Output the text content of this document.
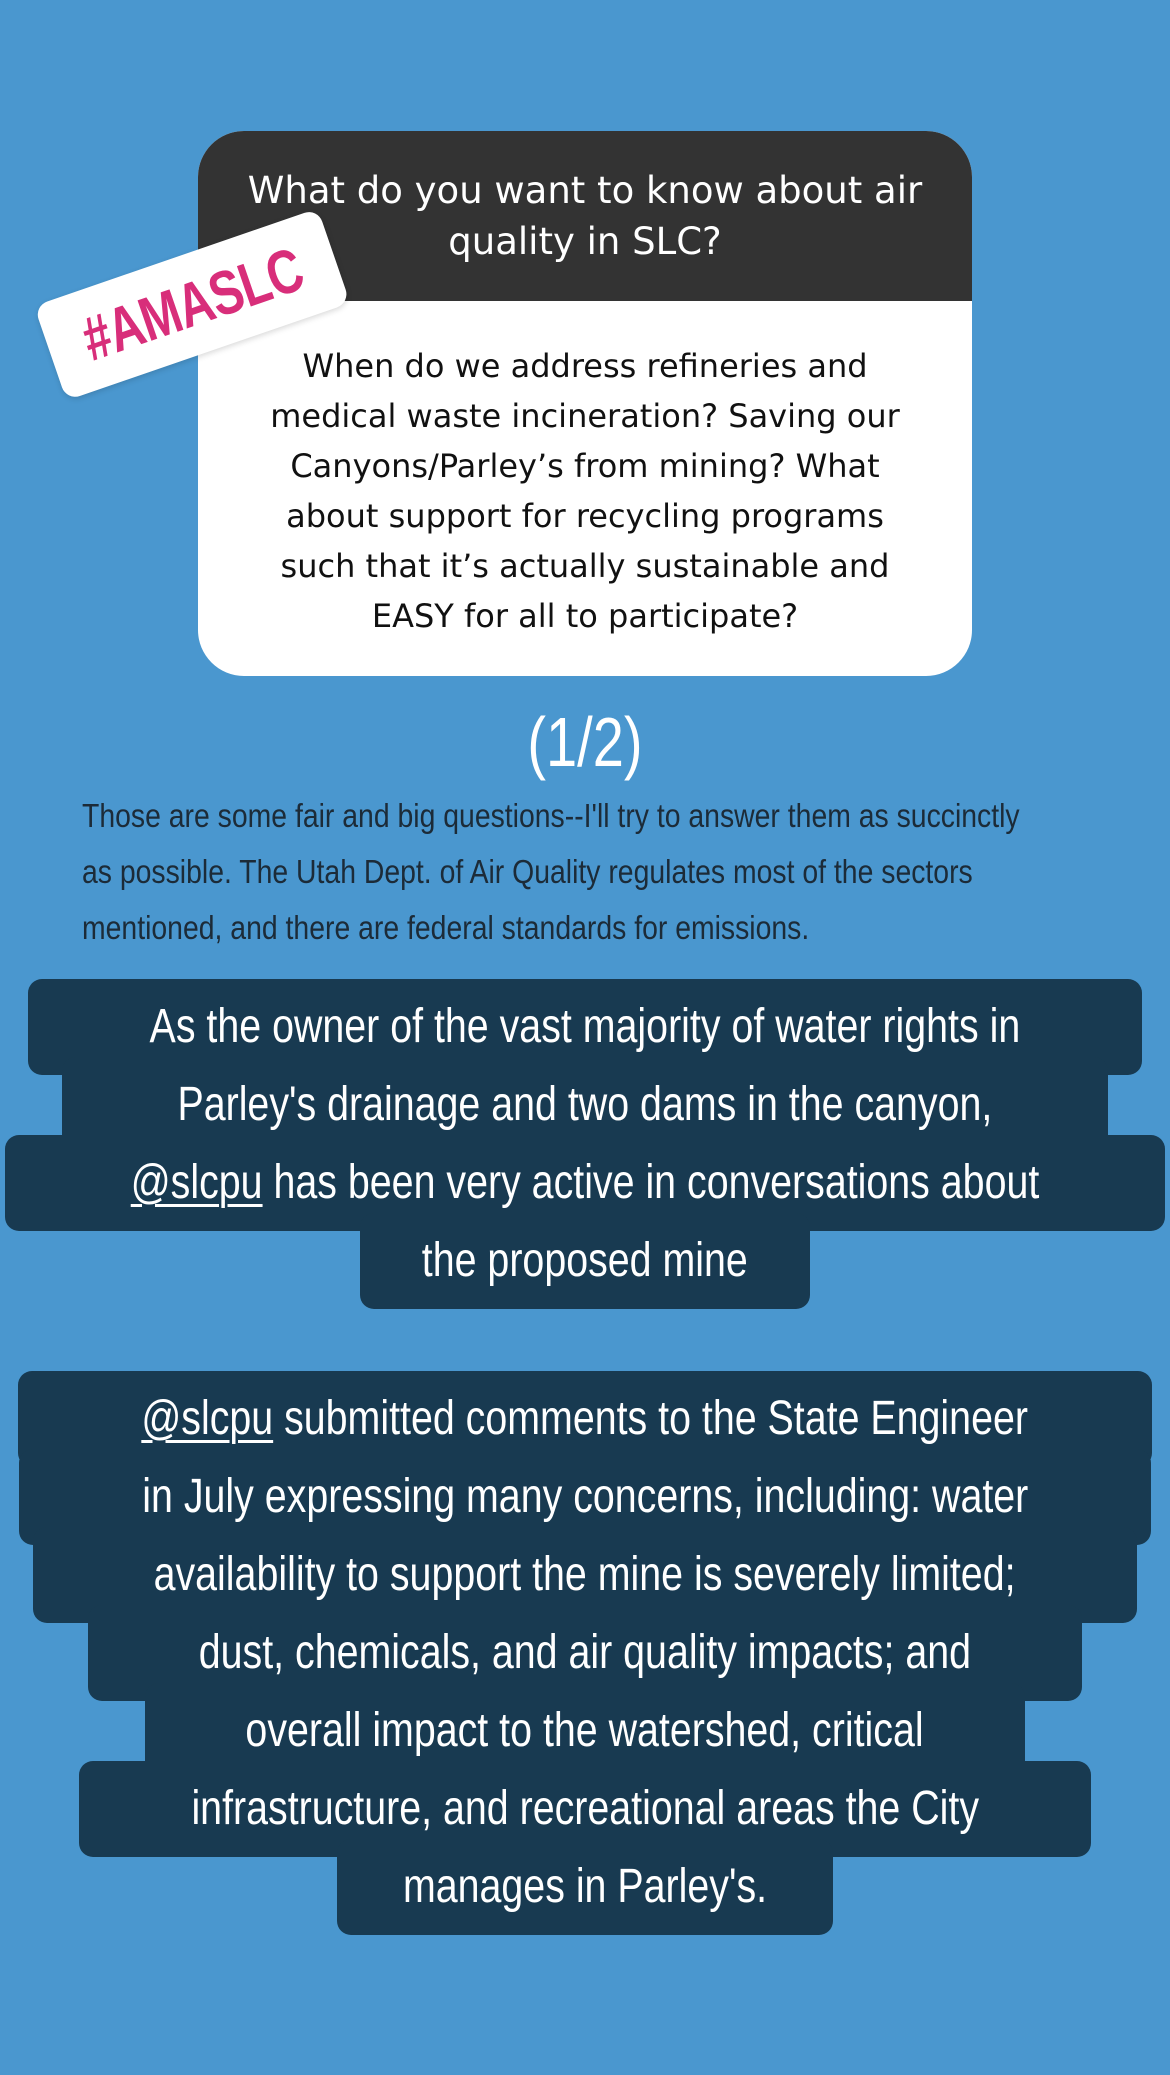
What do you want to know about air quality in SLC?
When do we address refineries and
medical waste incineration? Saving our
Canyons/Parley’s from mining? What
about support for recycling programs
such that it’s actually sustainable and
EASY for all to participate?
#AMASLC
(1/2)
Those are some fair and big questions--I'll try to answer them as succinctly
as possible. The Utah Dept. of Air Quality regulates most of the sectors
mentioned, and there are federal standards for emissions.
As the owner of the vast majority of water rights in
Parley's drainage and two dams in the canyon,
@slcpu has been very active in conversations about
the proposed mine
@slcpu submitted comments to the State Engineer
in July expressing many concerns, including: water
availability to support the mine is severely limited;
dust, chemicals, and air quality impacts; and
overall impact to the watershed, critical
infrastructure, and recreational areas the City
manages in Parley's.
